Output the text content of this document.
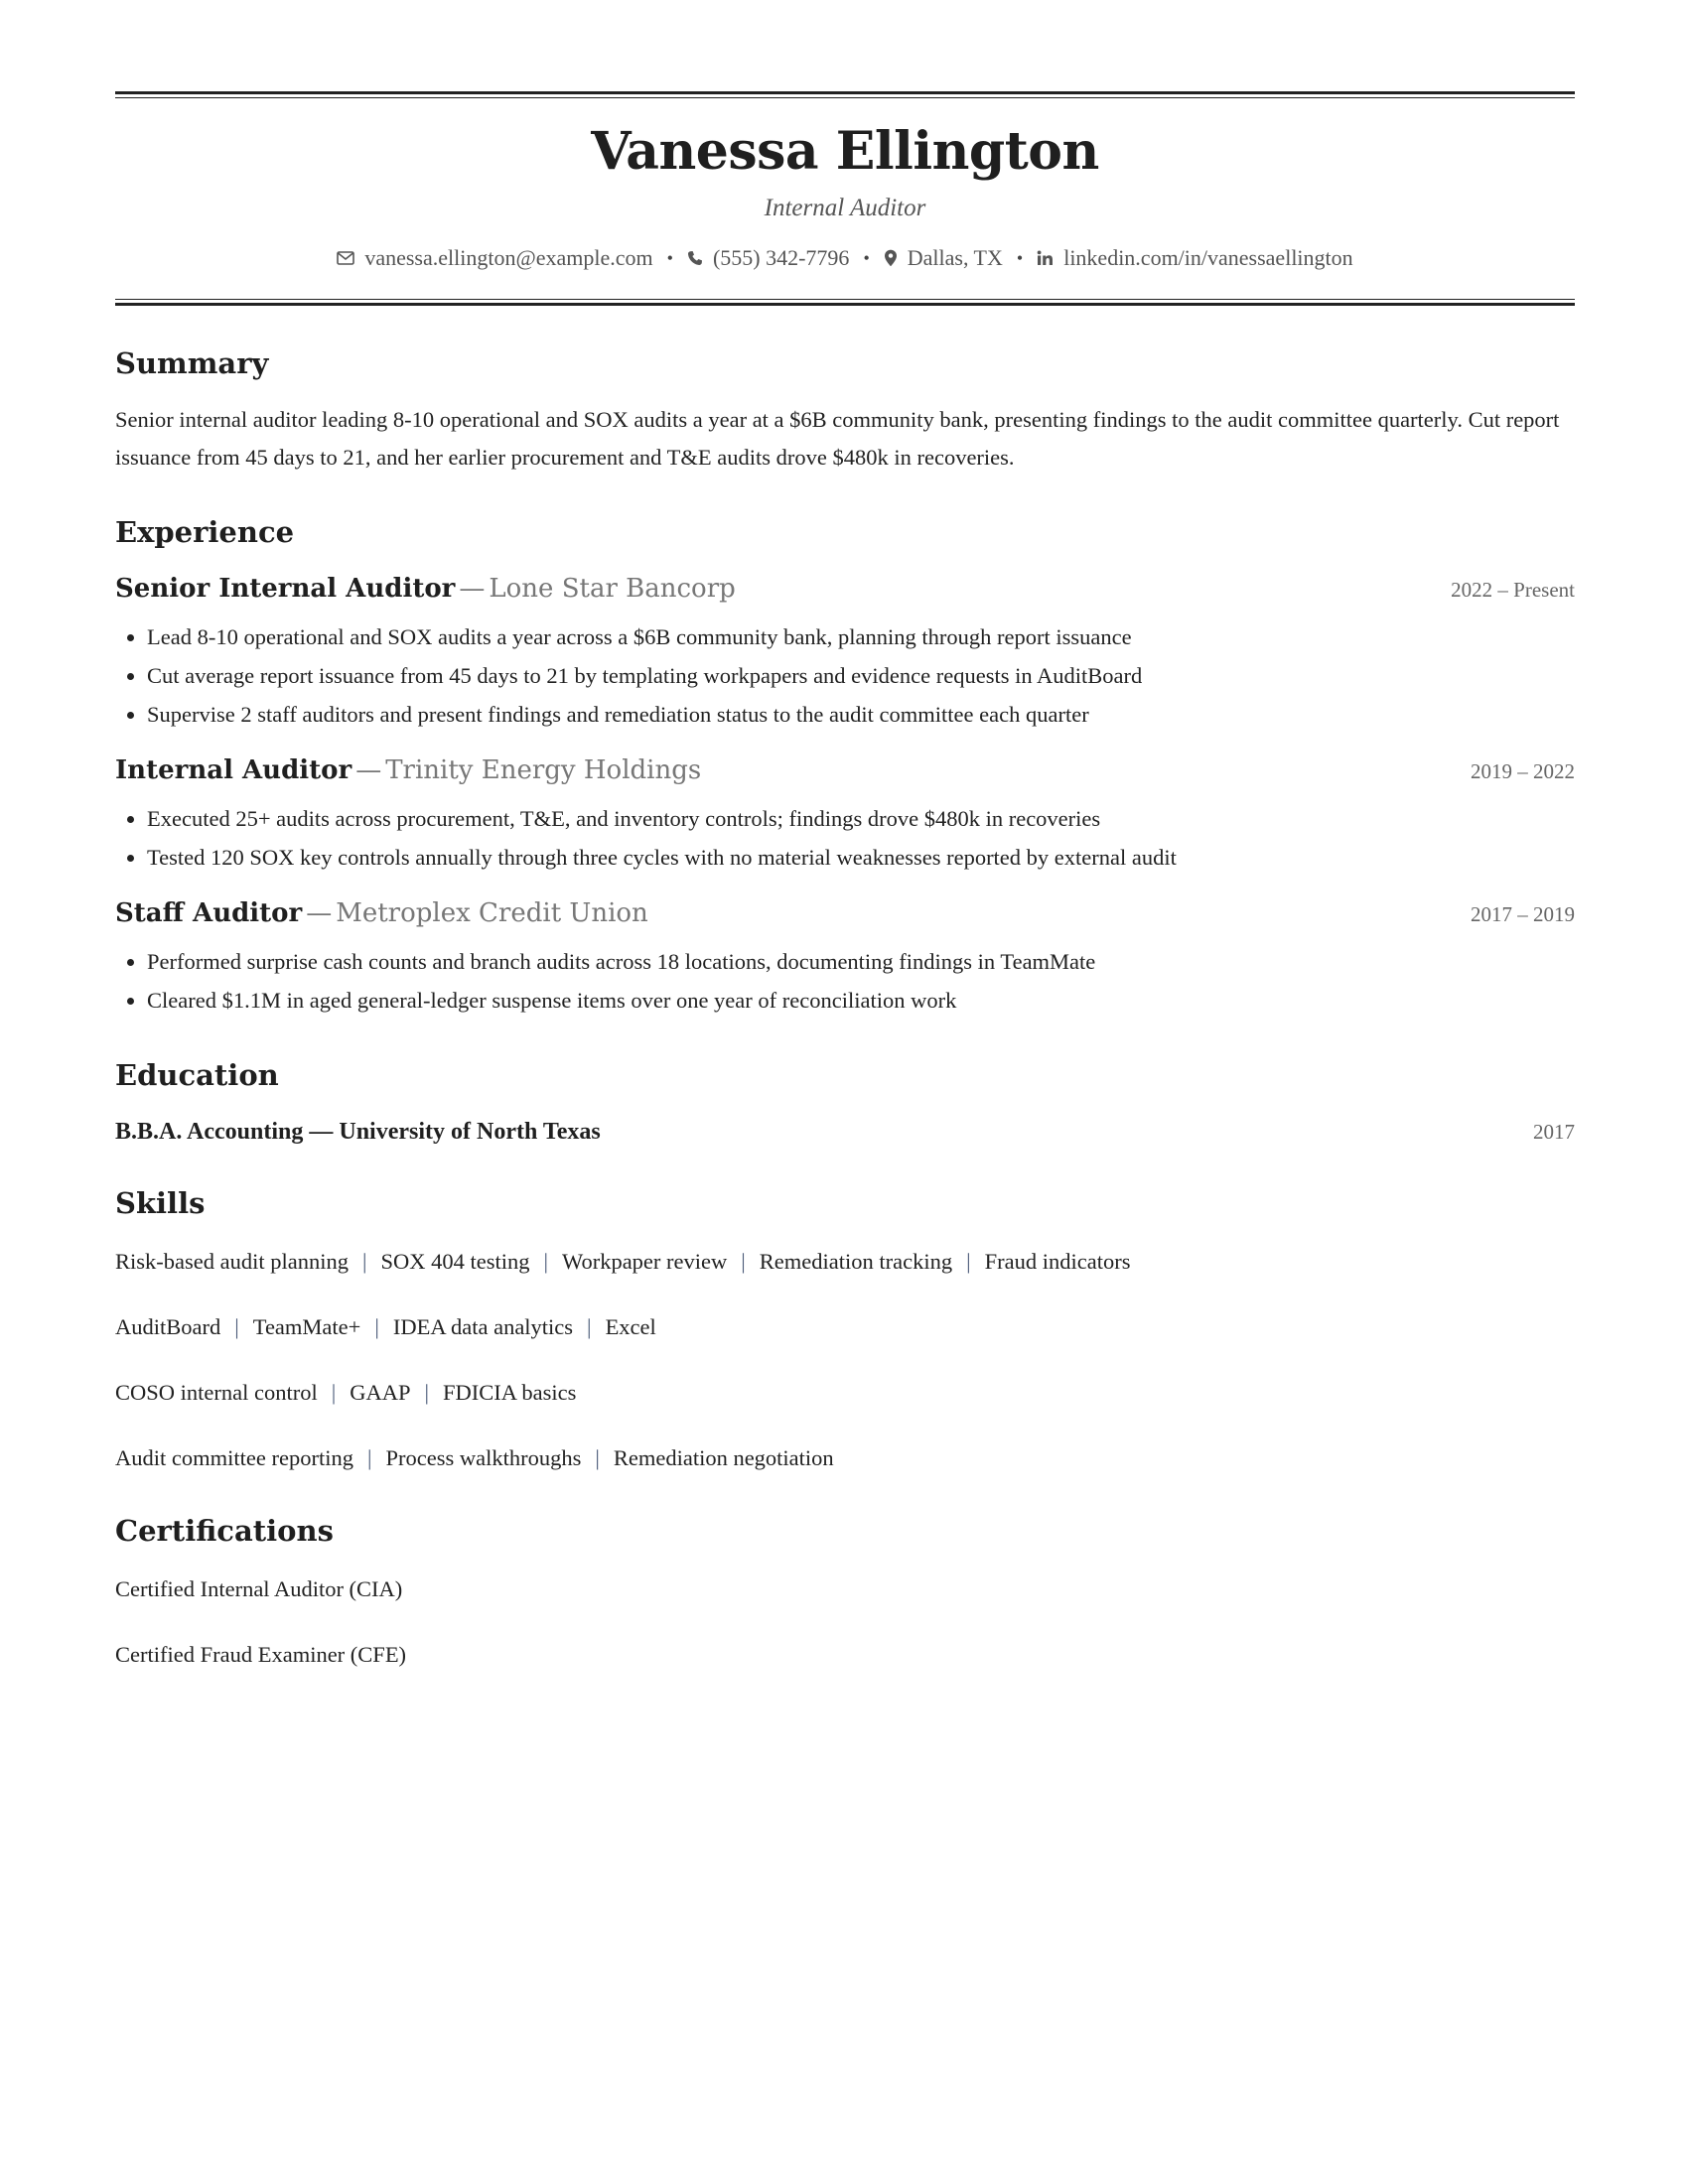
Vanessa Ellington
Internal Auditor
vanessa.ellington@example.com • (555) 342-7796 • Dallas, TX • linkedin.com/in/vanessaellington
Summary
Senior internal auditor leading 8-10 operational and SOX audits a year at a $6B community bank, presenting findings to the audit committee quarterly. Cut report issuance from 45 days to 21, and her earlier procurement and T&E audits drove $480k in recoveries.
Experience
Senior Internal Auditor — Lone Star Bancorp	2022 – Present
• Lead 8-10 operational and SOX audits a year across a $6B community bank, planning through report issuance
• Cut average report issuance from 45 days to 21 by templating workpapers and evidence requests in AuditBoard
• Supervise 2 staff auditors and present findings and remediation status to the audit committee each quarter
Internal Auditor — Trinity Energy Holdings	2019 – 2022
• Executed 25+ audits across procurement, T&E, and inventory controls; findings drove $480k in recoveries
• Tested 120 SOX key controls annually through three cycles with no material weaknesses reported by external audit
Staff Auditor — Metroplex Credit Union	2017 – 2019
• Performed surprise cash counts and branch audits across 18 locations, documenting findings in TeamMate
• Cleared $1.1M in aged general-ledger suspense items over one year of reconciliation work
Education
B.B.A. Accounting — University of North Texas	2017
Skills
Risk-based audit planning | SOX 404 testing | Workpaper review | Remediation tracking | Fraud indicators
AuditBoard | TeamMate+ | IDEA data analytics | Excel
COSO internal control | GAAP | FDICIA basics
Audit committee reporting | Process walkthroughs | Remediation negotiation
Certifications
Certified Internal Auditor (CIA)
Certified Fraud Examiner (CFE)
